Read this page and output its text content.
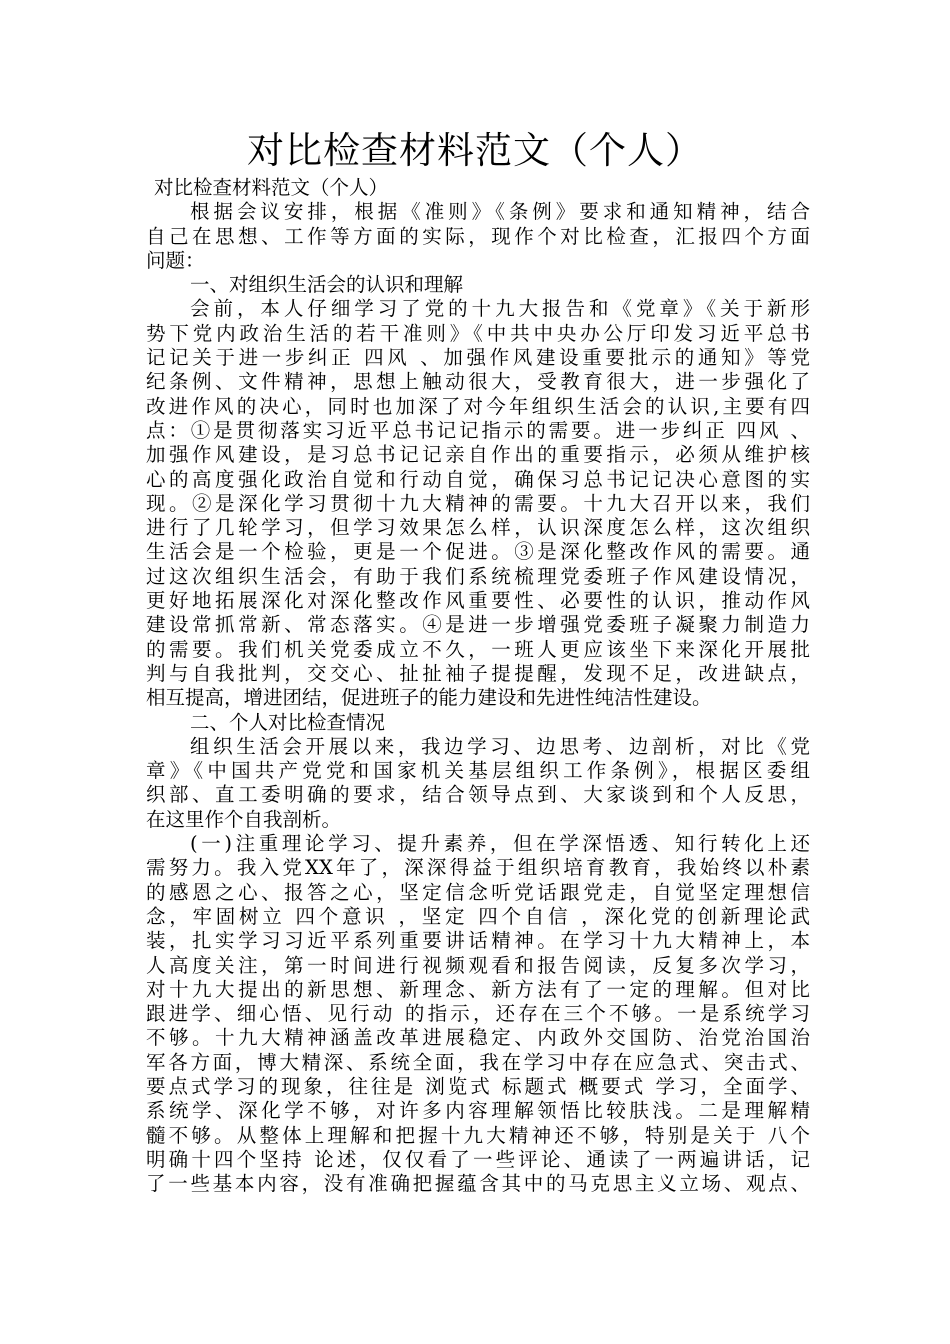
对比检查材料范文（个人）
对比检查材料范文（个人）
根据会议安排，根据《准则》《条例》要求和通知精神，结合
自己在思想、工作等方面的实际，现作个对比检查，汇报四个方面
问题：
一、对组织生活会的认识和理解
会前，本人仔细学习了党的十九大报告和《党章》《关于新形
势下党内政治生活的若干准则》《中共中央办公厅印发习近平总书
记记关于进一步纠正 四风 、加强作风建设重要批示的通知》等党
纪条例、文件精神，思想上触动很大，受教育很大，进一步强化了
改进作风的决心，同时也加深了对今年组织生活会的认识,主要有四
点：①是贯彻落实习近平总书记记指示的需要。进一步纠正 四风 、
加强作风建设，是习总书记记亲自作出的重要指示，必须从维护核
心的高度强化政治自觉和行动自觉，确保习总书记记决心意图的实
现。②是深化学习贯彻十九大精神的需要。十九大召开以来，我们
进行了几轮学习，但学习效果怎么样，认识深度怎么样，这次组织
生活会是一个检验，更是一个促进。③是深化整改作风的需要。通
过这次组织生活会，有助于我们系统梳理党委班子作风建设情况，
更好地拓展深化对深化整改作风重要性、必要性的认识，推动作风
建设常抓常新、常态落实。④是进一步增强党委班子凝聚力制造力
的需要。我们机关党委成立不久，一班人更应该坐下来深化开展批
判与自我批判，交交心、扯扯袖子提提醒，发现不足，改进缺点，
相互提高，增进团结，促进班子的能力建设和先进性纯洁性建设。
二、个人对比检查情况
组织生活会开展以来，我边学习、边思考、边剖析，对比《党
章》《中国共产党党和国家机关基层组织工作条例》，根据区委组
织部、直工委明确的要求，结合领导点到、大家谈到和个人反思，
在这里作个自我剖析。
(一)注重理论学习、提升素养，但在学深悟透、知行转化上还
需努力。我入党XX年了，深深得益于组织培育教育，我始终以朴素
的感恩之心、报答之心，坚定信念听党话跟党走，自觉坚定理想信
念，牢固树立 四个意识 ，坚定 四个自信 ，深化党的创新理论武
装，扎实学习习近平系列重要讲话精神。在学习十九大精神上，本
人高度关注，第一时间进行视频观看和报告阅读，反复多次学习，
对十九大提出的新思想、新理念、新方法有了一定的理解。但对比
跟进学、细心悟、见行动 的指示，还存在三个不够。一是系统学习
不够。十九大精神涵盖改革进展稳定、内政外交国防、治党治国治
军各方面，博大精深、系统全面，我在学习中存在应急式、突击式、
要点式学习的现象，往往是 浏览式 标题式 概要式 学习，全面学、
系统学、深化学不够，对许多内容理解领悟比较肤浅。二是理解精
髓不够。从整体上理解和把握十九大精神还不够，特别是关于 八个
明确十四个坚持 论述，仅仅看了一些评论、通读了一两遍讲话，记
了一些基本内容，没有准确把握蕴含其中的马克思主义立场、观点、
